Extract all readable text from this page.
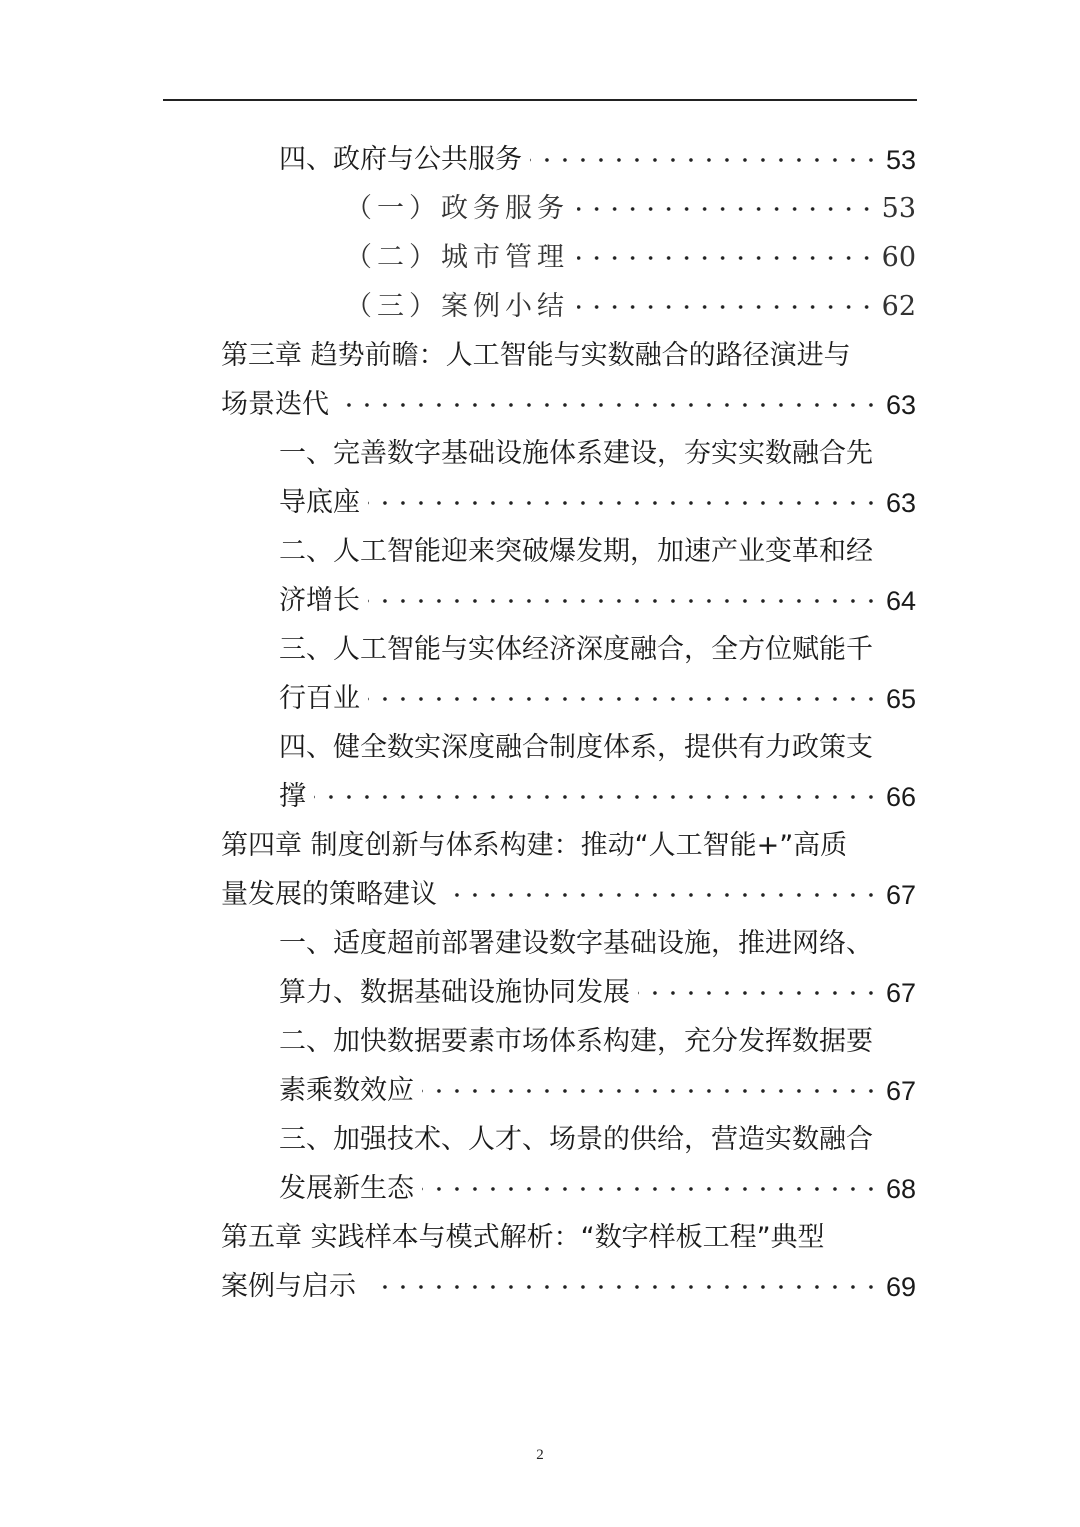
四、政府与公共服务	53
（一）政务服务	53
（二）城市管理	60
（三）案例小结	62
第三章 趋势前瞻：人工智能与实数融合的路径演进与
场景迭代	63
一、完善数字基础设施体系建设，夯实实数融合先
导底座	63
二、人工智能迎来突破爆发期，加速产业变革和经
济增长	64
三、人工智能与实体经济深度融合，全方位赋能千
行百业	65
四、健全数实深度融合制度体系，提供有力政策支
撑	66
第四章 制度创新与体系构建：推动“人工智能+”高质
量发展的策略建议	67
一、适度超前部署建设数字基础设施，推进网络、
算力、数据基础设施协同发展	67
二、加快数据要素市场体系构建，充分发挥数据要
素乘数效应	67
三、加强技术、人才、场景的供给，营造实数融合
发展新生态	68
第五章 实践样本与模式解析：“数字样板工程”典型
案例与启示	69
2
